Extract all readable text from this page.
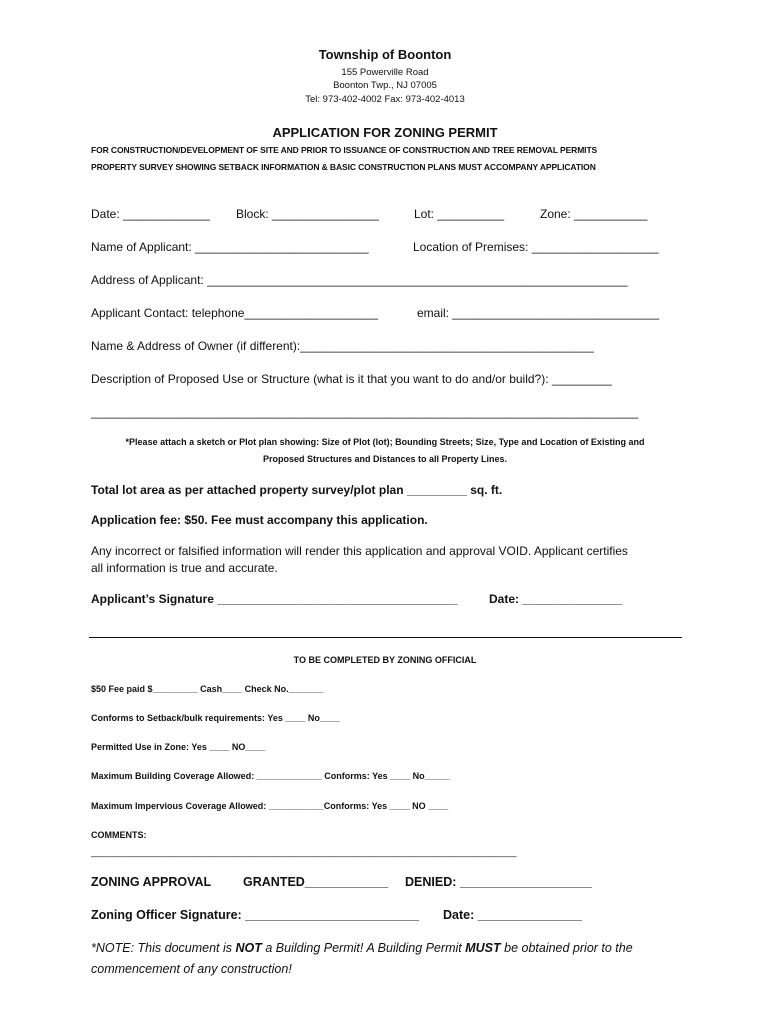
Township of Boonton
155 Powerville Road
Boonton Twp., NJ 07005
Tel: 973-402-4002 Fax: 973-402-4013
APPLICATION FOR ZONING PERMIT
FOR CONSTRUCTION/DEVELOPMENT OF SITE AND PRIOR TO ISSUANCE OF CONSTRUCTION AND TREE REMOVAL PERMITS
PROPERTY SURVEY SHOWING SETBACK INFORMATION & BASIC CONSTRUCTION PLANS MUST ACCOMPANY APPLICATION
Date: _____________ Block: ________________	Lot: __________	Zone: ___________
Name of Applicant: __________________________	Location of Premises: ___________________
Address of Applicant: _______________________________________________________________
Applicant Contact: telephone____________________	email: _______________________________
Name & Address of Owner (if different):____________________________________________
Description of Proposed Use or Structure (what is it that you want to do and/or build?): _________
__________________________________________________________________________________
*Please attach a sketch or Plot plan showing: Size of Plot (lot); Bounding Streets; Size, Type and Location of Existing and
Proposed Structures and Distances to all Property Lines.
Total lot area as per attached property survey/plot plan _________ sq. ft.
Application fee: $50. Fee must accompany this application.
Any incorrect or falsified information will render this application and approval VOID. Applicant certifies
all information is true and accurate.
Applicant’s Signature ____________________________________	Date: _______________
TO BE COMPLETED BY ZONING OFFICIAL
$50 Fee paid $_________ Cash____ Check No._______
Conforms to Setback/bulk requirements: Yes ____ No____
Permitted Use in Zone: Yes ____ NO____
Maximum Building Coverage Allowed: _____________ Conforms: Yes ____ No_____
Maximum Impervious Coverage Allowed: ___________Conforms: Yes ____ NO ____
COMMENTS:
_____________________________________________________________________________________
ZONING APPROVAL	GRANTED____________ DENIED: ___________________
Zoning Officer Signature: _________________________ Date: _______________
*NOTE: This document is NOT a Building Permit! A Building Permit MUST be obtained prior to the
commencement of any construction!
